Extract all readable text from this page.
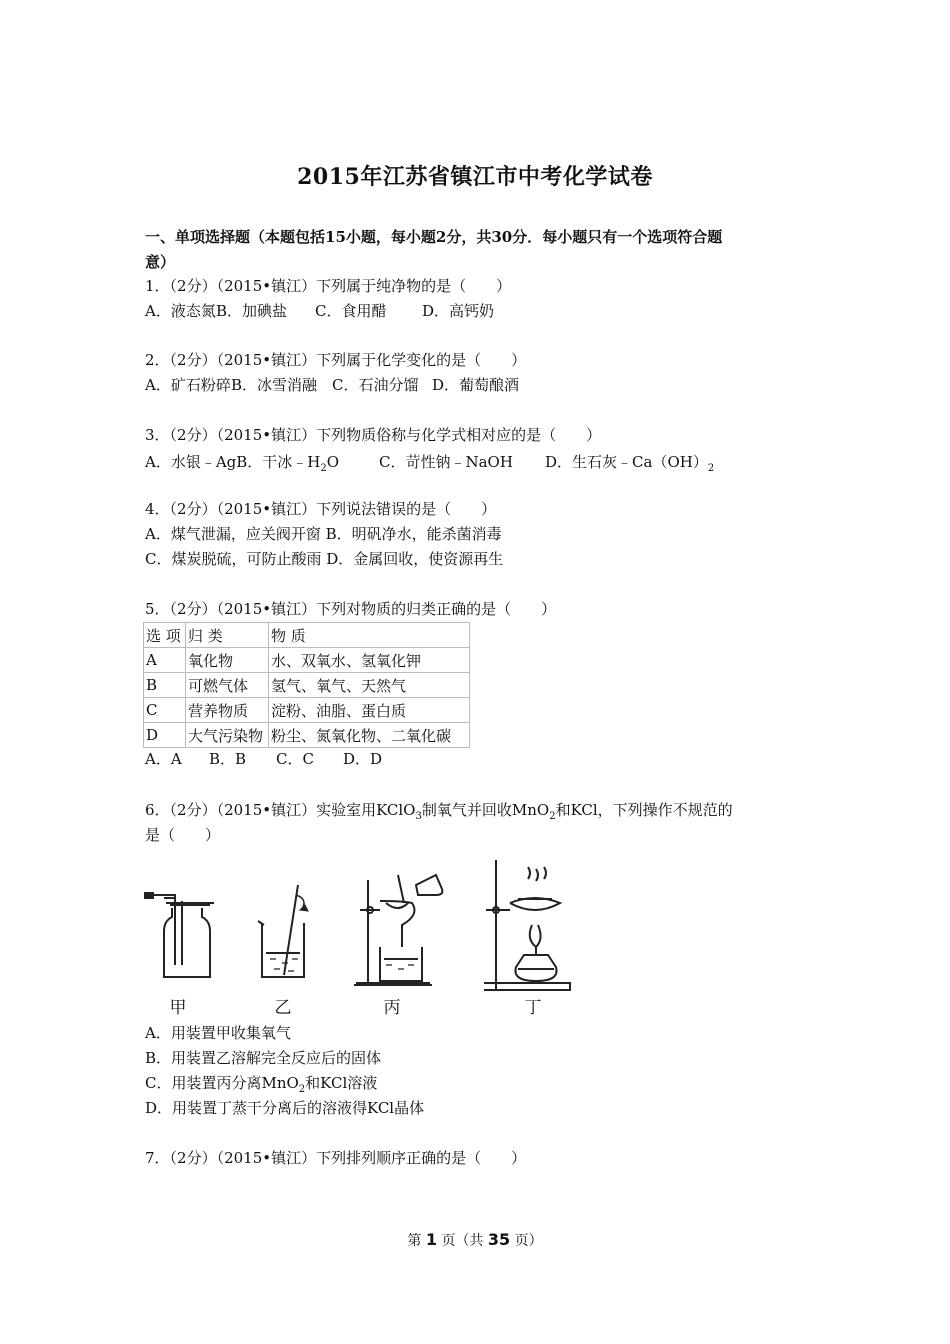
2015年江苏省镇江市中考化学试卷
一、单项选择题（本题包括15小题，每小题2分，共30分．每小题只有一个选项符合题
意）
1．（2分）（2015•镇江）下列属于纯净物的是（　　）
A．液态氮B．加碘盐 C．食用醋 D．高钙奶
2．（2分）（2015•镇江）下列属于化学变化的是（　　）
A．矿石粉碎B．冰雪消融 C．石油分馏 D．葡萄酿酒
3．（2分）（2015•镇江）下列物质俗称与化学式相对应的是（　　）
A．水银﹣AgB．干冰$﹣H_2O$	C．苛性钠﹣NaOH D．生石灰$﹣Ca(OH)_2$
4．（2分）（2015•镇江）下列说法错误的是（　　）
A．煤气泄漏，应关阀开窗 B．明矾净水，能杀菌消毒
C．煤炭脱硫，可防止酸雨 D．金属回收，使资源再生
5．（2分）（2015•镇江）下列对物质的归类正确的是（　　）
选 项	归 类	物 质
A	氧化物	水、双氧水、氢氧化钾
B	可燃气体	氢气、氧气、天然气
C	营养物质	淀粉、油脂、蛋白质
D	大气污染物	粉尘、氮氧化物、二氧化碳
A．A B．B C．C D．D
6．（2分）（2015•镇江）实验室用KClO$_3$制氧气并回收MnO$_2$和KCl，下列操作不规范的
是（　　）
甲	乙	丙	丁
A．用装置甲收集氧气
B．用装置乙溶解完全反应后的固体
C．用装置丙分离MnO$_2$和KCl溶液
D．用装置丁蒸干分离后的溶液得KCl晶体
7．（2分）（2015•镇江）下列排列顺序正确的是（　　）
第 1 页（共 35 页）
